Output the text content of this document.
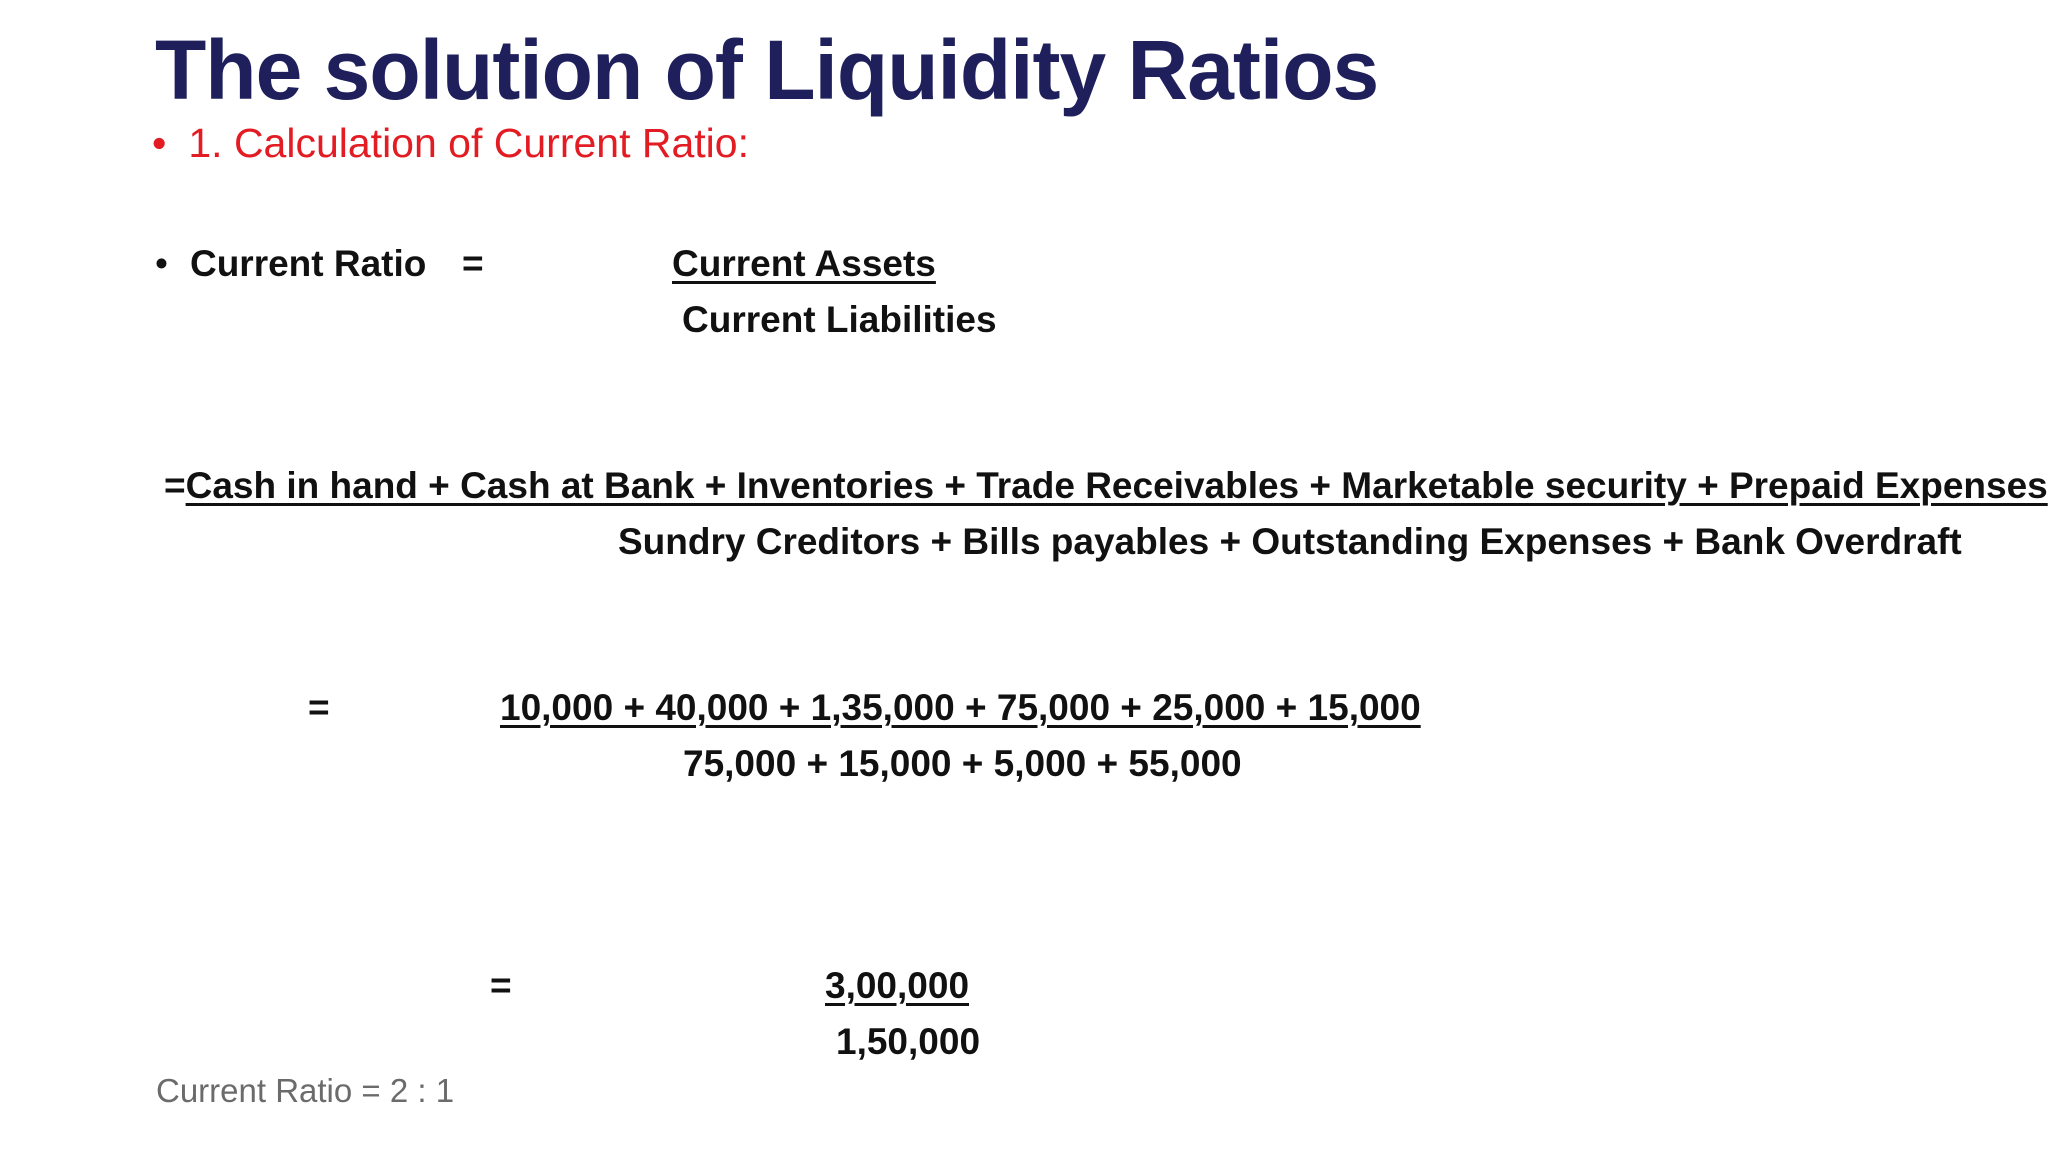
The solution of Liquidity Ratios
• 1. Calculation of Current Ratio:
• Current Ratio =	Current Assets
Current Liabilities
=Cash in hand + Cash at Bank + Inventories + Trade Receivables + Marketable security + Prepaid Expenses
Sundry Creditors + Bills payables + Outstanding Expenses + Bank Overdraft
=	10,000 + 40,000 + 1,35,000 + 75,000 + 25,000 + 15,000
75,000 + 15,000 + 5,000 + 55,000
=	3,00,000
1,50,000
Current Ratio = 2 : 1
